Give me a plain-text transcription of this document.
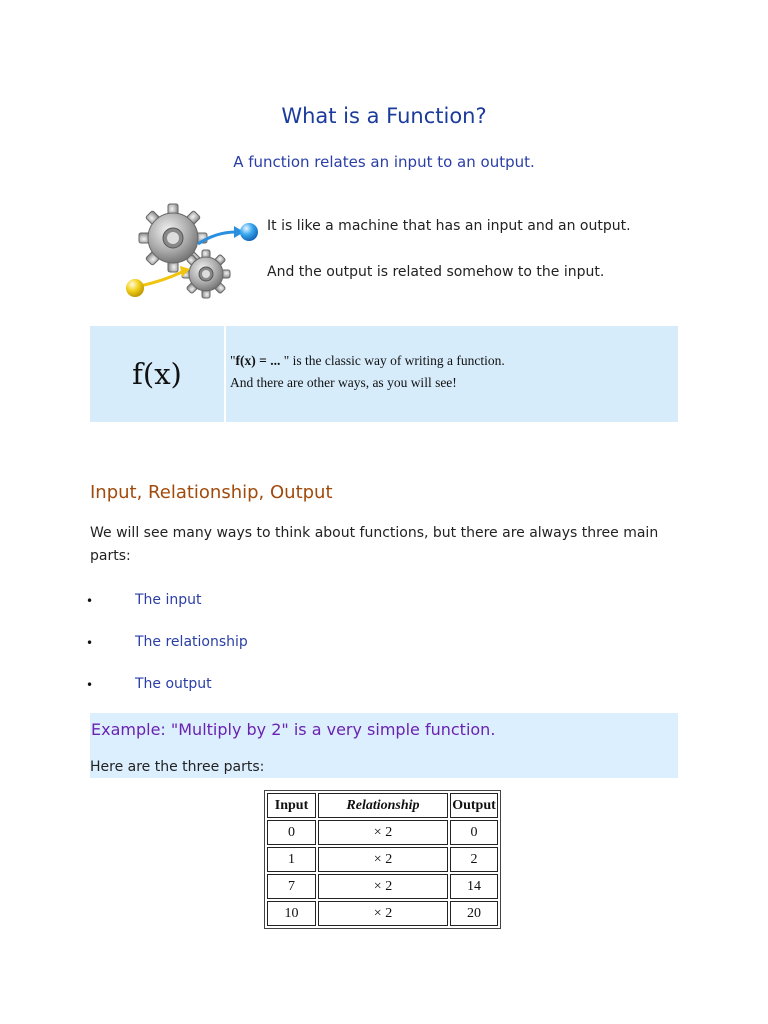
What is a Function?

A function relates an input to an output.

It is like a machine that has an input and an output.

And the output is related somehow to the input.

f(x)	"f(x) = ... " is the classic way of writing a function.
And there are other ways, as you will see!
Input, Relationship, Output

We will see many ways to think about functions, but there are always three main parts:

•	The input
•	The relationship
•	The output
Example: "Multiply by 2" is a very simple function.

Here are the three parts:

Input	Relationship	Output
0	× 2	0
1	× 2	2
7	× 2	14
10	× 2	20
